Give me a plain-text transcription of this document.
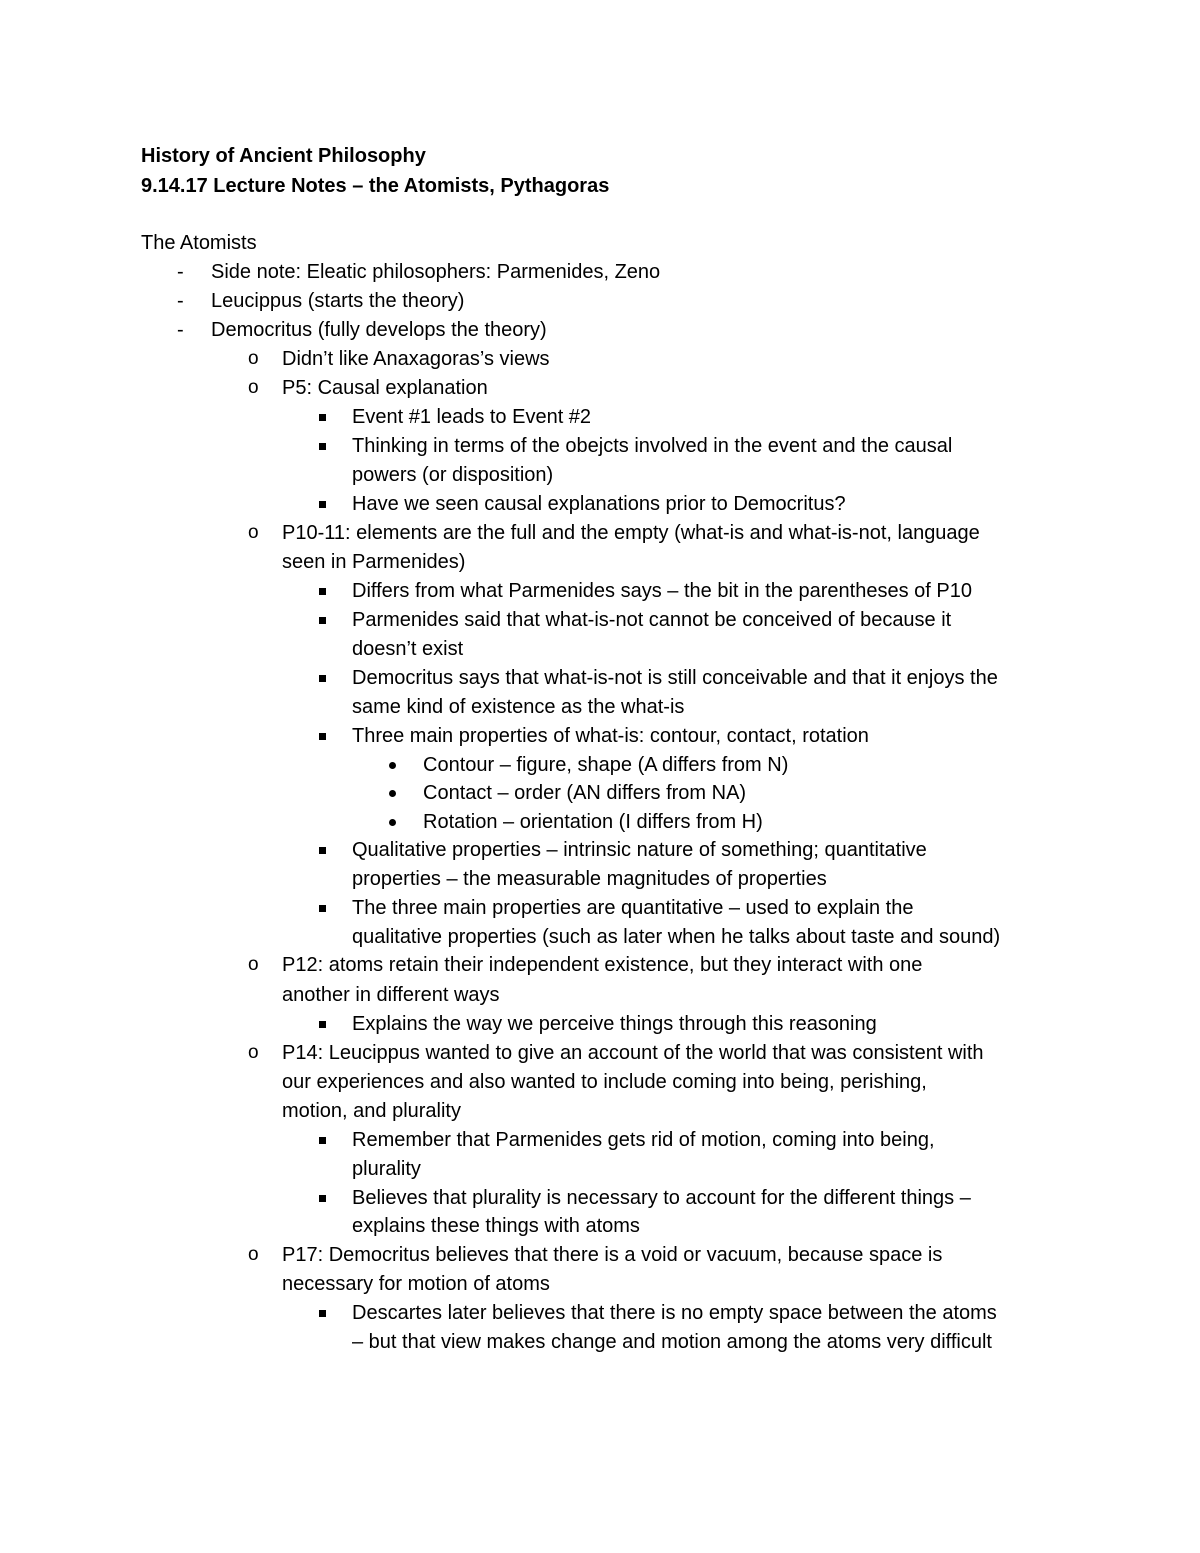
History of Ancient Philosophy
9.14.17 Lecture Notes – the Atomists, Pythagoras
The Atomists
- Side note: Eleatic philosophers: Parmenides, Zeno
- Leucippus (starts the theory)
- Democritus (fully develops the theory)
o Didn’t like Anaxagoras’s views
o P5: Causal explanation
Event #1 leads to Event #2
Thinking in terms of the obejcts involved in the event and the causal
powers (or disposition)
Have we seen causal explanations prior to Democritus?
o P10-11: elements are the full and the empty (what-is and what-is-not, language
seen in Parmenides)
Differs from what Parmenides says – the bit in the parentheses of P10
Parmenides said that what-is-not cannot be conceived of because it
doesn’t exist
Democritus says that what-is-not is still conceivable and that it enjoys the
same kind of existence as the what-is
Three main properties of what-is: contour, contact, rotation
Contour – figure, shape (A differs from N)
Contact – order (AN differs from NA)
Rotation – orientation (I differs from H)
Qualitative properties – intrinsic nature of something; quantitative
properties – the measurable magnitudes of properties
The three main properties are quantitative – used to explain the
qualitative properties (such as later when he talks about taste and sound)
o P12: atoms retain their independent existence, but they interact with one
another in different ways
Explains the way we perceive things through this reasoning
o P14: Leucippus wanted to give an account of the world that was consistent with
our experiences and also wanted to include coming into being, perishing,
motion, and plurality
Remember that Parmenides gets rid of motion, coming into being,
plurality
Believes that plurality is necessary to account for the different things –
explains these things with atoms
o P17: Democritus believes that there is a void or vacuum, because space is
necessary for motion of atoms
Descartes later believes that there is no empty space between the atoms
– but that view makes change and motion among the atoms very difficult
